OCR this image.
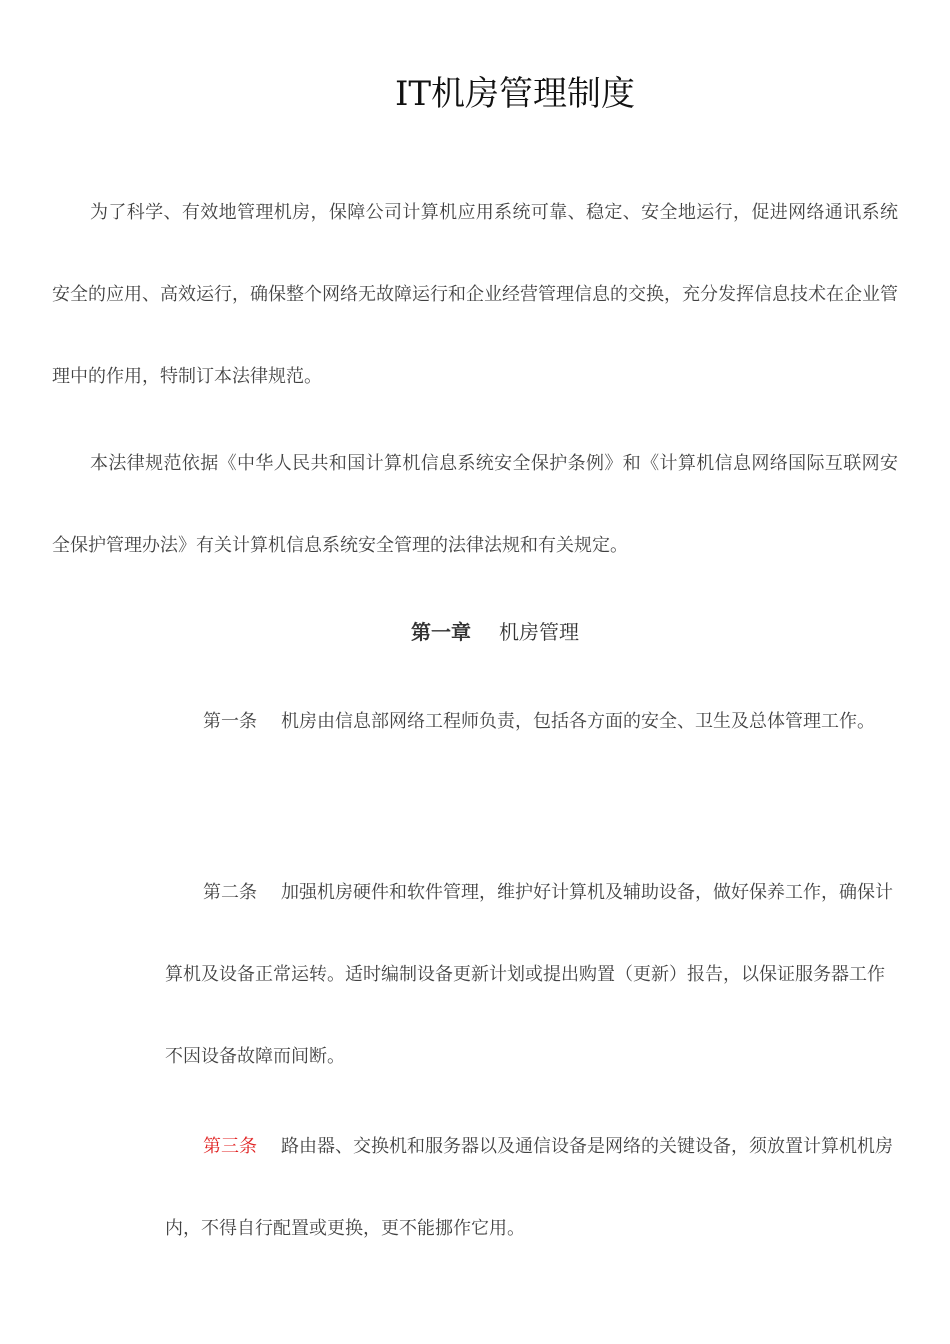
IT机房管理制度

为了科学、有效地管理机房，保障公司计算机应用系统可靠、稳定、安全地运行，促进网络通讯系统安全的应用、高效运行，确保整个网络无故障运行和企业经营管理信息的交换，充分发挥信息技术在企业管理中的作用，特制订本法律规范。

本法律规范依据《中华人民共和国计算机信息系统安全保护条例》和《计算机信息网络国际互联网安全保护管理办法》有关计算机信息系统安全管理的法律法规和有关规定。

第一章 机房管理

第一条 机房由信息部网络工程师负责，包括各方面的安全、卫生及总体管理工作。

第二条 加强机房硬件和软件管理，维护好计算机及辅助设备，做好保养工作，确保计算机及设备正常运转。适时编制设备更新计划或提出购置（更新）报告，以保证服务器工作不因设备故障而间断。

第三条 路由器、交换机和服务器以及通信设备是网络的关键设备，须放置计算机机房内，不得自行配置或更换，更不能挪作它用。
